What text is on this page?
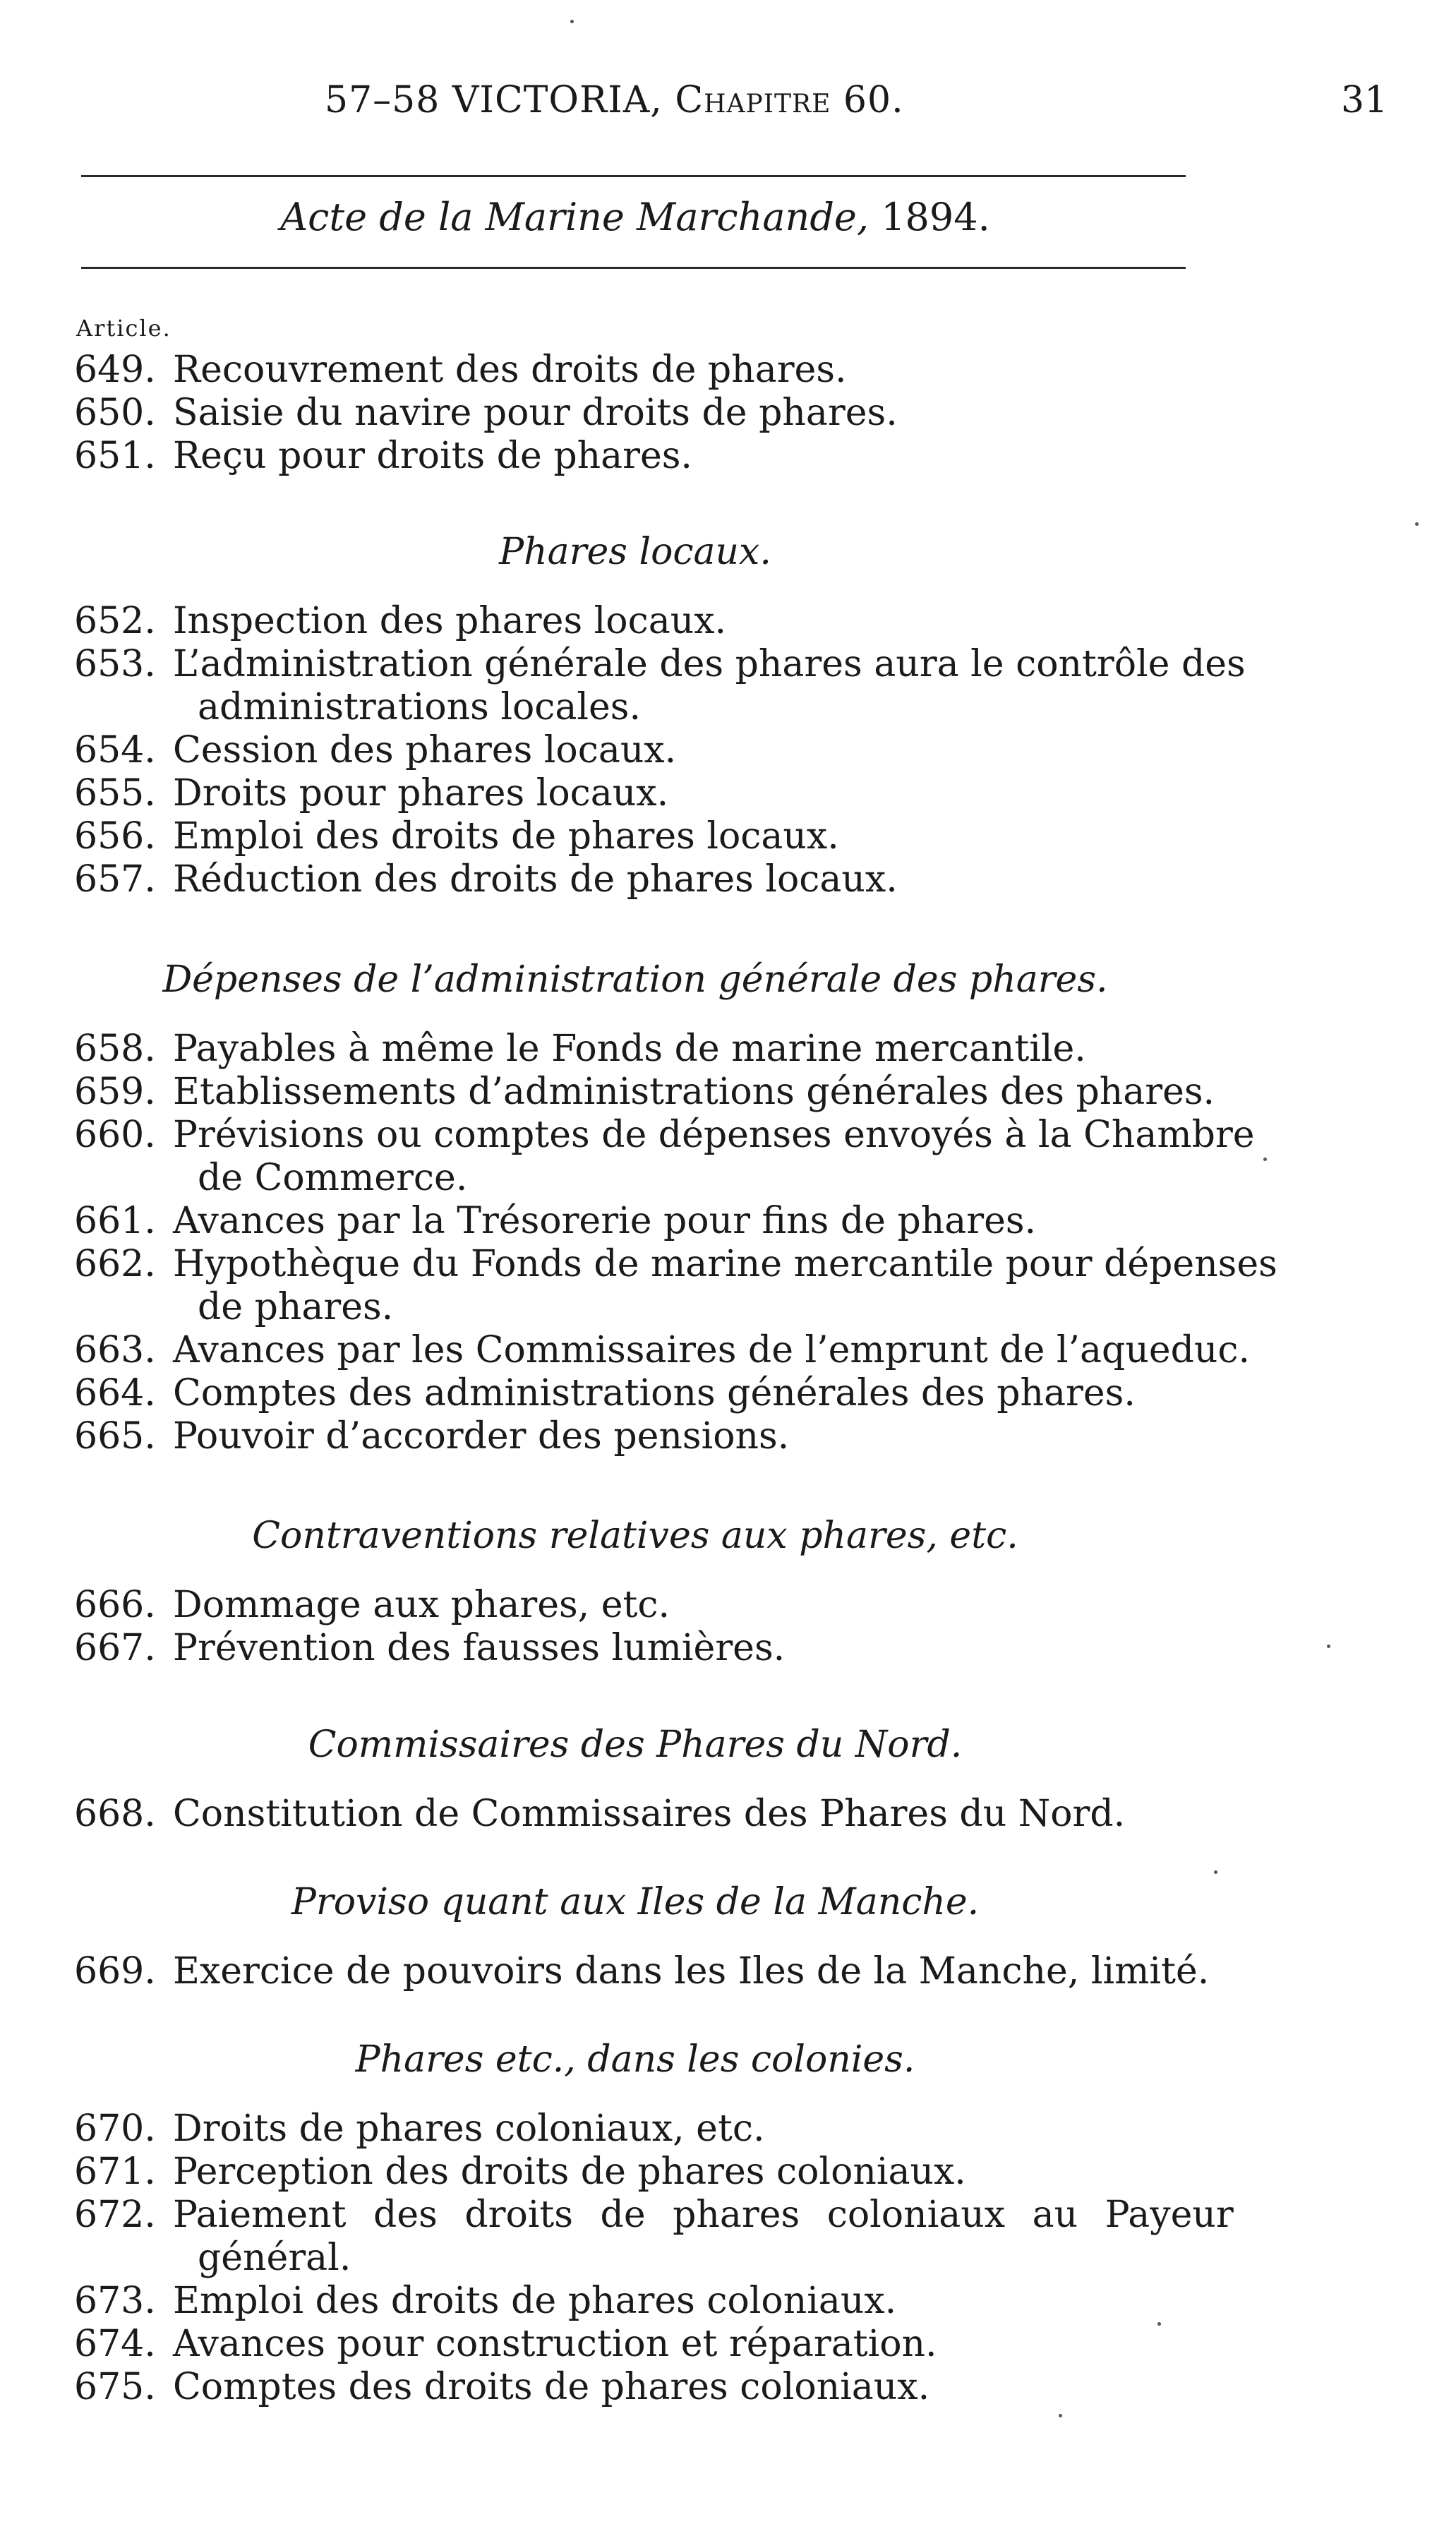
57–58 VICTORIA, Chapitre 60.	31
Acte de la Marine Marchande, 1894.
Article.
649. Recouvrement des droits de phares.
650. Saisie du navire pour droits de phares.
651. Reçu pour droits de phares.
Phares locaux.
652. Inspection des phares locaux.
653. L’administration générale des phares aura le contrôle des
administrations locales.
654. Cession des phares locaux.
655. Droits pour phares locaux.
656. Emploi des droits de phares locaux.
657. Réduction des droits de phares locaux.
Dépenses de l’administration générale des phares.
658. Payables à même le Fonds de marine mercantile.
659. Etablissements d’administrations générales des phares.
660. Prévisions ou comptes de dépenses envoyés à la Chambre
de Commerce.
661. Avances par la Trésorerie pour fins de phares.
662. Hypothèque du Fonds de marine mercantile pour dépenses
de phares.
663. Avances par les Commissaires de l’emprunt de l’aqueduc.
664. Comptes des administrations générales des phares.
665. Pouvoir d’accorder des pensions.
Contraventions relatives aux phares, etc.
666. Dommage aux phares, etc.
667. Prévention des fausses lumières.
Commissaires des Phares du Nord.
668. Constitution de Commissaires des Phares du Nord.
Proviso quant aux Iles de la Manche.
669. Exercice de pouvoirs dans les Iles de la Manche, limité.
Phares etc., dans les colonies.
670. Droits de phares coloniaux, etc.
671. Perception des droits de phares coloniaux.
672. Paiement des droits de phares coloniaux au Payeur
général.
673. Emploi des droits de phares coloniaux.
674. Avances pour construction et réparation.
675. Comptes des droits de phares coloniaux.
